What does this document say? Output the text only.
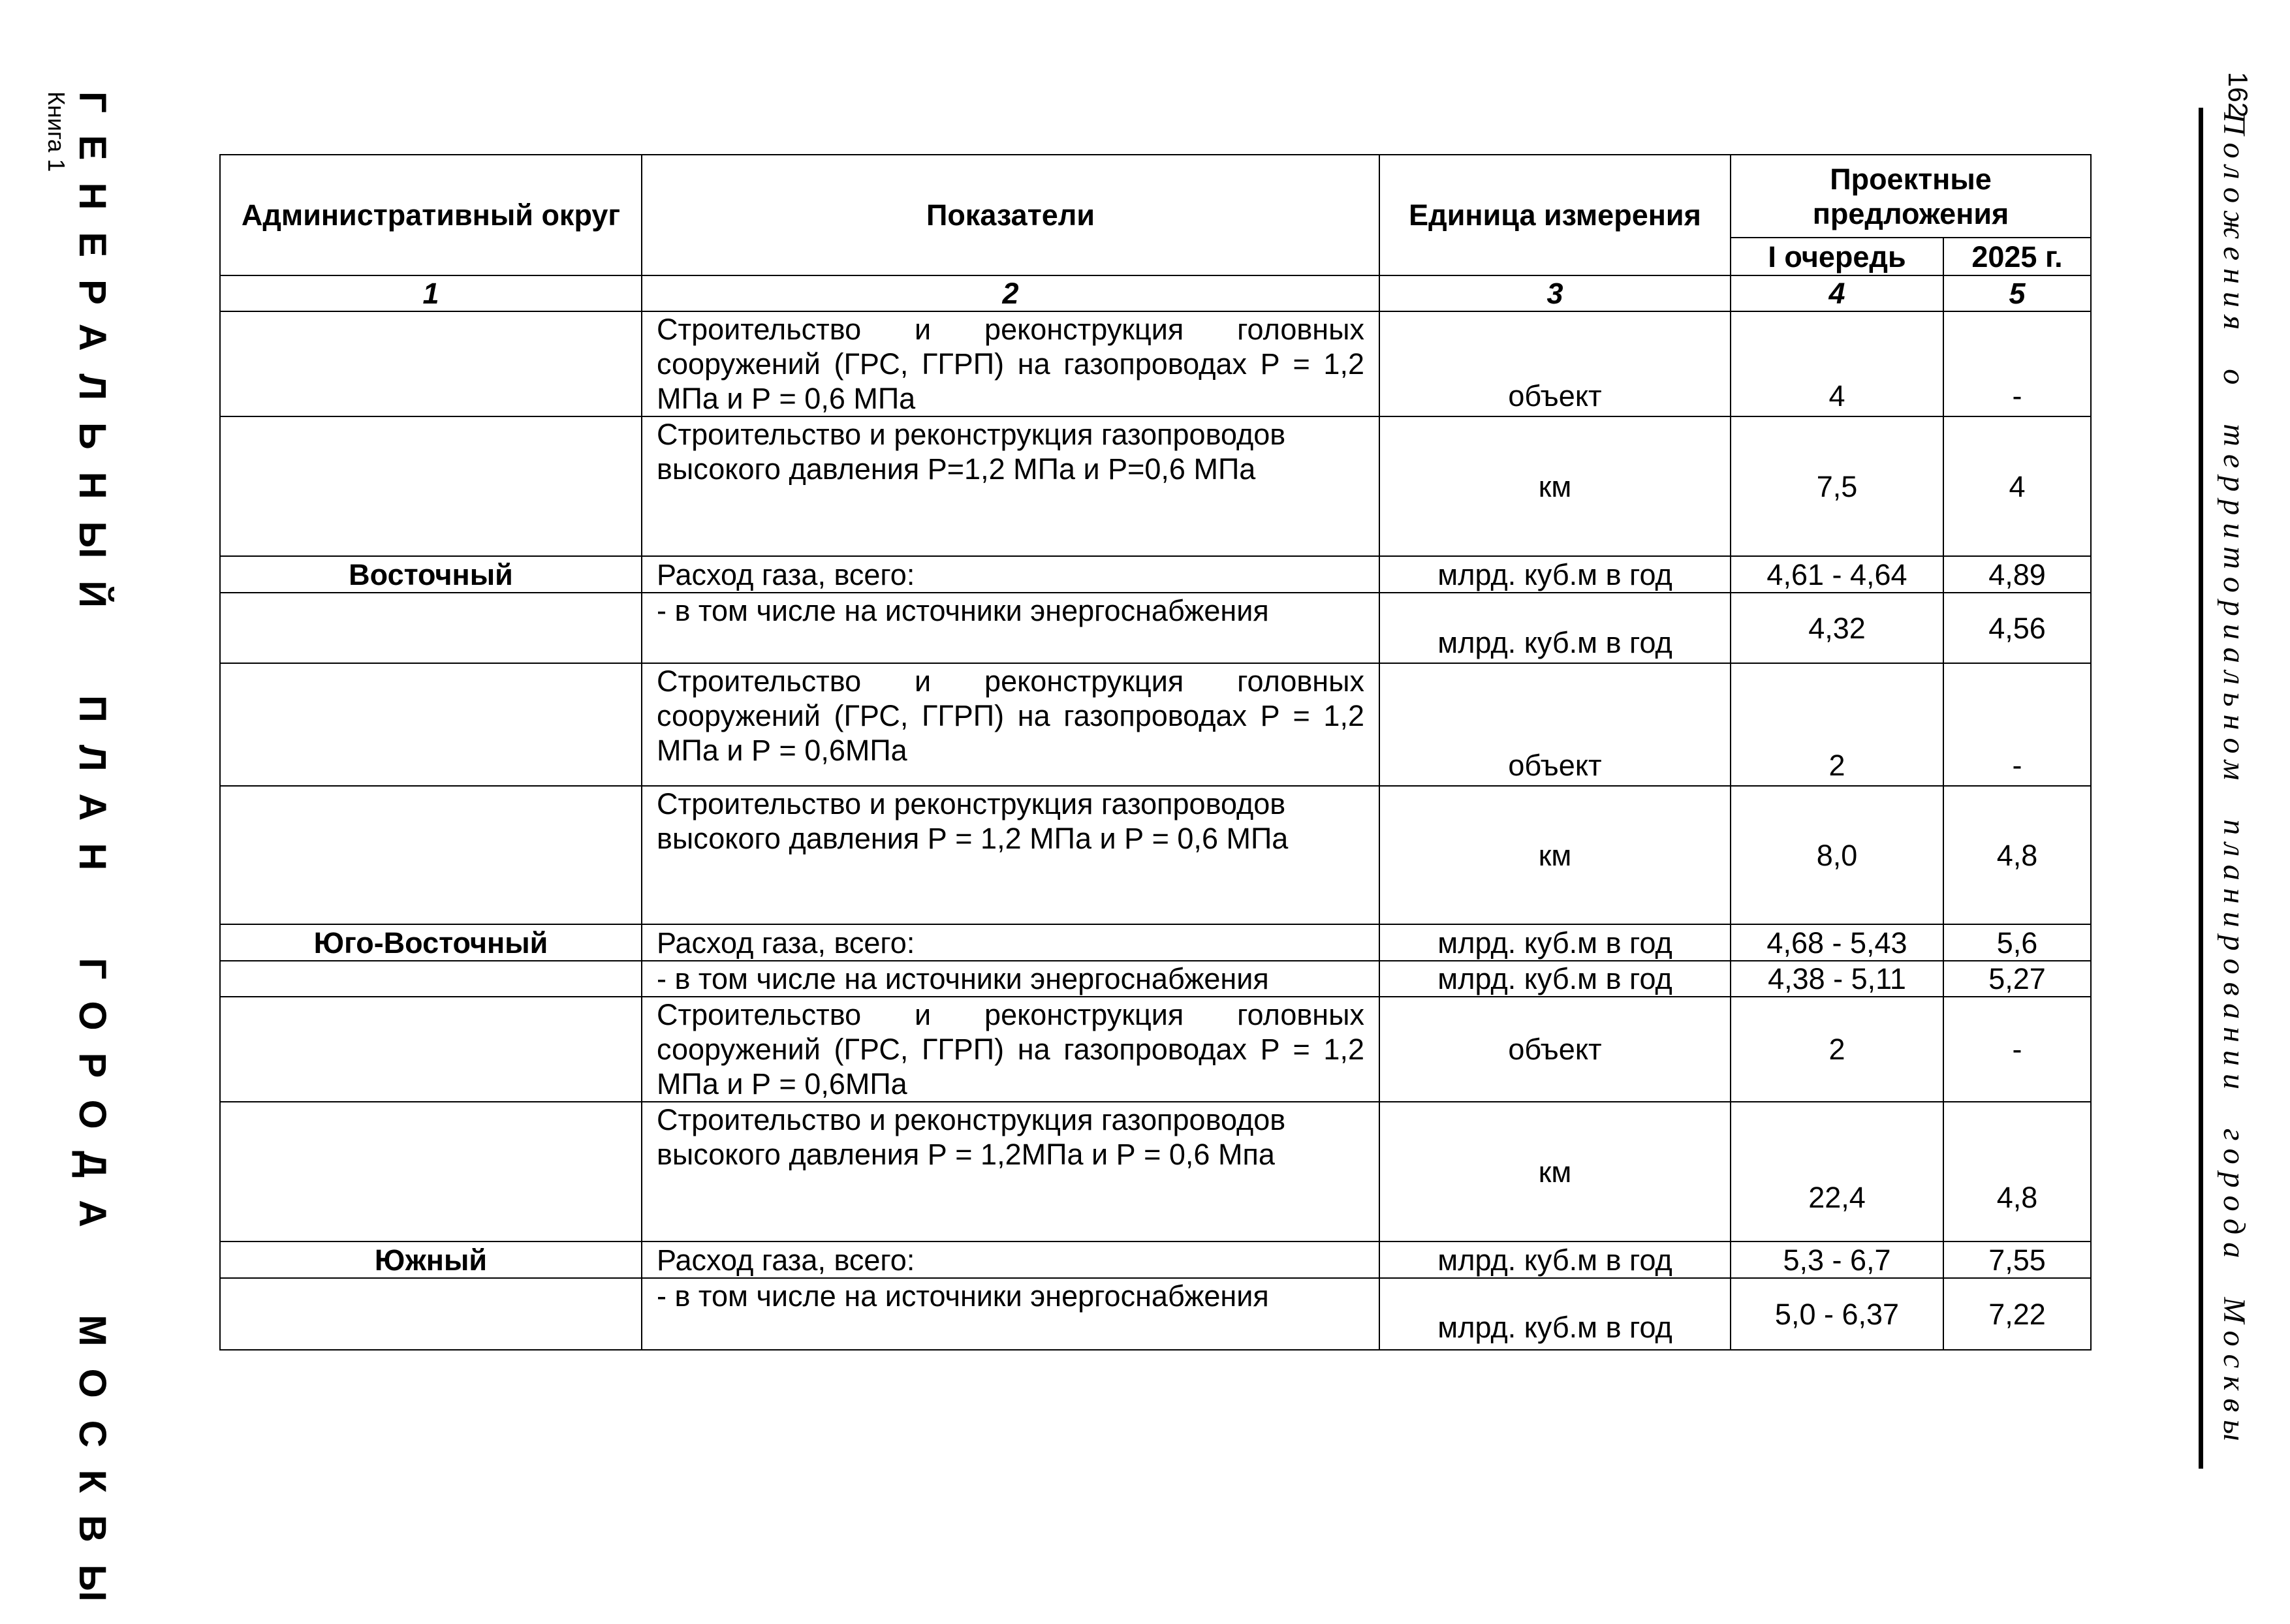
ГЕНЕРАЛЬНЫЙ ПЛАН ГОРОДА МОСКВЫ
Книга 1	162
Положения о территориальном планировании города Москвы
Административный округ	Показатели	Единица измерения	Проектные предложения	
			I очередь	2025 г.
1	2	3	4	5
	Строительство и реконструкция головных сооружений (ГРС, ГГРП) на газопроводах P = 1,2 МПа и Р = 0,6 МПа	объект	4	-
	Строительство и реконструкция газопроводов высокого давления Р=1,2 МПа и Р=0,6 МПа	км	7,5	4
Восточный	Расход газа, всего:	млрд. куб.м в год	4,61 - 4,64	4,89
	- в том числе на источники энергоснабжения	млрд. куб.м в год	4,32	4,56
	Строительство и реконструкция головных сооружений (ГРС, ГГРП) на газопроводах P = 1,2 МПа и Р = 0,6МПа	объект	2	-
	Строительство и реконструкция газопроводов высокого давления Р = 1,2 МПа и Р = 0,6 МПа	км	8,0	4,8
Юго-Восточный	Расход газа, всего:	млрд. куб.м в год	4,68 - 5,43	5,6
	- в том числе на источники энергоснабжения	млрд. куб.м в год	4,38 - 5,11	5,27
	Строительство и реконструкция головных сооружений (ГРС, ГГРП) на газопроводах P = 1,2 МПа и Р = 0,6МПа	объект	2	-
	Строительство и реконструкция газопроводов высокого давления Р = 1,2МПа и Р = 0,6 Мпа	км	22,4	4,8
Южный	Расход газа, всего:	млрд. куб.м в год	5,3 - 6,7	7,55
	- в том числе на источники энергоснабжения	млрд. куб.м в год	5,0 - 6,37	7,22
